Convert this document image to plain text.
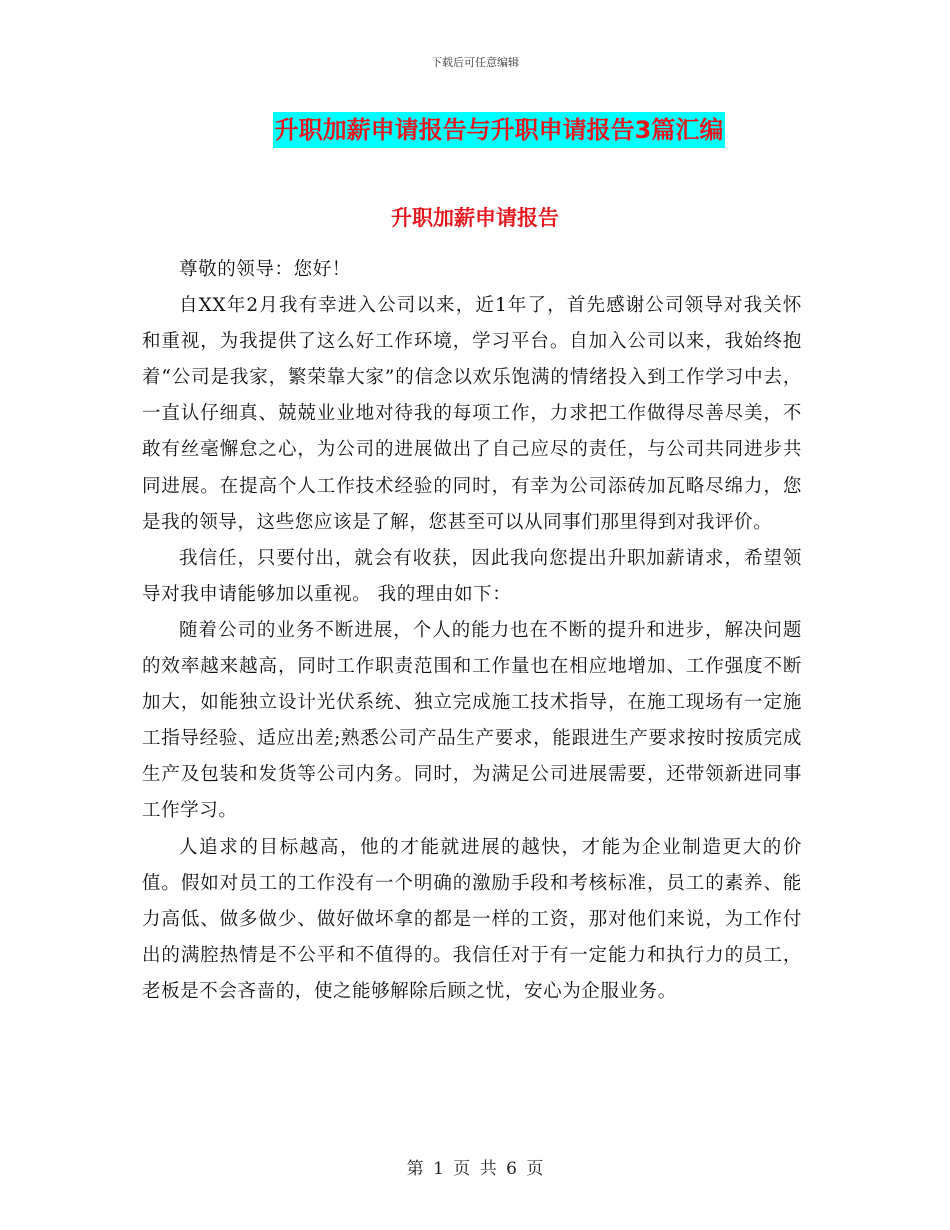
下载后可任意编辑
升职加薪申请报告与升职申请报告3篇汇编
升职加薪申请报告

尊敬的领导：您好！

自XX年2月我有幸进入公司以来，近1年了，首先感谢公司领导对我关怀和重视，为我提供了这么好工作环境，学习平台。自加入公司以来，我始终抱着“公司是我家，繁荣靠大家”的信念以欢乐饱满的情绪投入到工作学习中去，一直认仔细真、兢兢业业地对待我的每项工作，力求把工作做得尽善尽美，不敢有丝毫懈怠之心，为公司的进展做出了自己应尽的责任，与公司共同进步共同进展。在提高个人工作技术经验的同时，有幸为公司添砖加瓦略尽绵力，您是我的领导，这些您应该是了解，您甚至可以从同事们那里得到对我评价。

我信任，只要付出，就会有收获，因此我向您提出升职加薪请求，希望领导对我申请能够加以重视。 我的理由如下：

随着公司的业务不断进展，个人的能力也在不断的提升和进步，解决问题的效率越来越高，同时工作职责范围和工作量也在相应地增加、工作强度不断加大，如能独立设计光伏系统、独立完成施工技术指导，在施工现场有一定施工指导经验、适应出差;熟悉公司产品生产要求，能跟进生产要求按时按质完成生产及包装和发货等公司内务。同时，为满足公司进展需要，还带领新进同事工作学习。

人追求的目标越高，他的才能就进展的越快，才能为企业制造更大的价值。假如对员工的工作没有一个明确的激励手段和考核标准，员工的素养、能力高低、做多做少、做好做坏拿的都是一样的工资，那对他们来说，为工作付出的满腔热情是不公平和不值得的。我信任对于有一定能力和执行力的员工，老板是不会吝啬的，使之能够解除后顾之忧，安心为企服业务。

第 1 页 共 6 页
